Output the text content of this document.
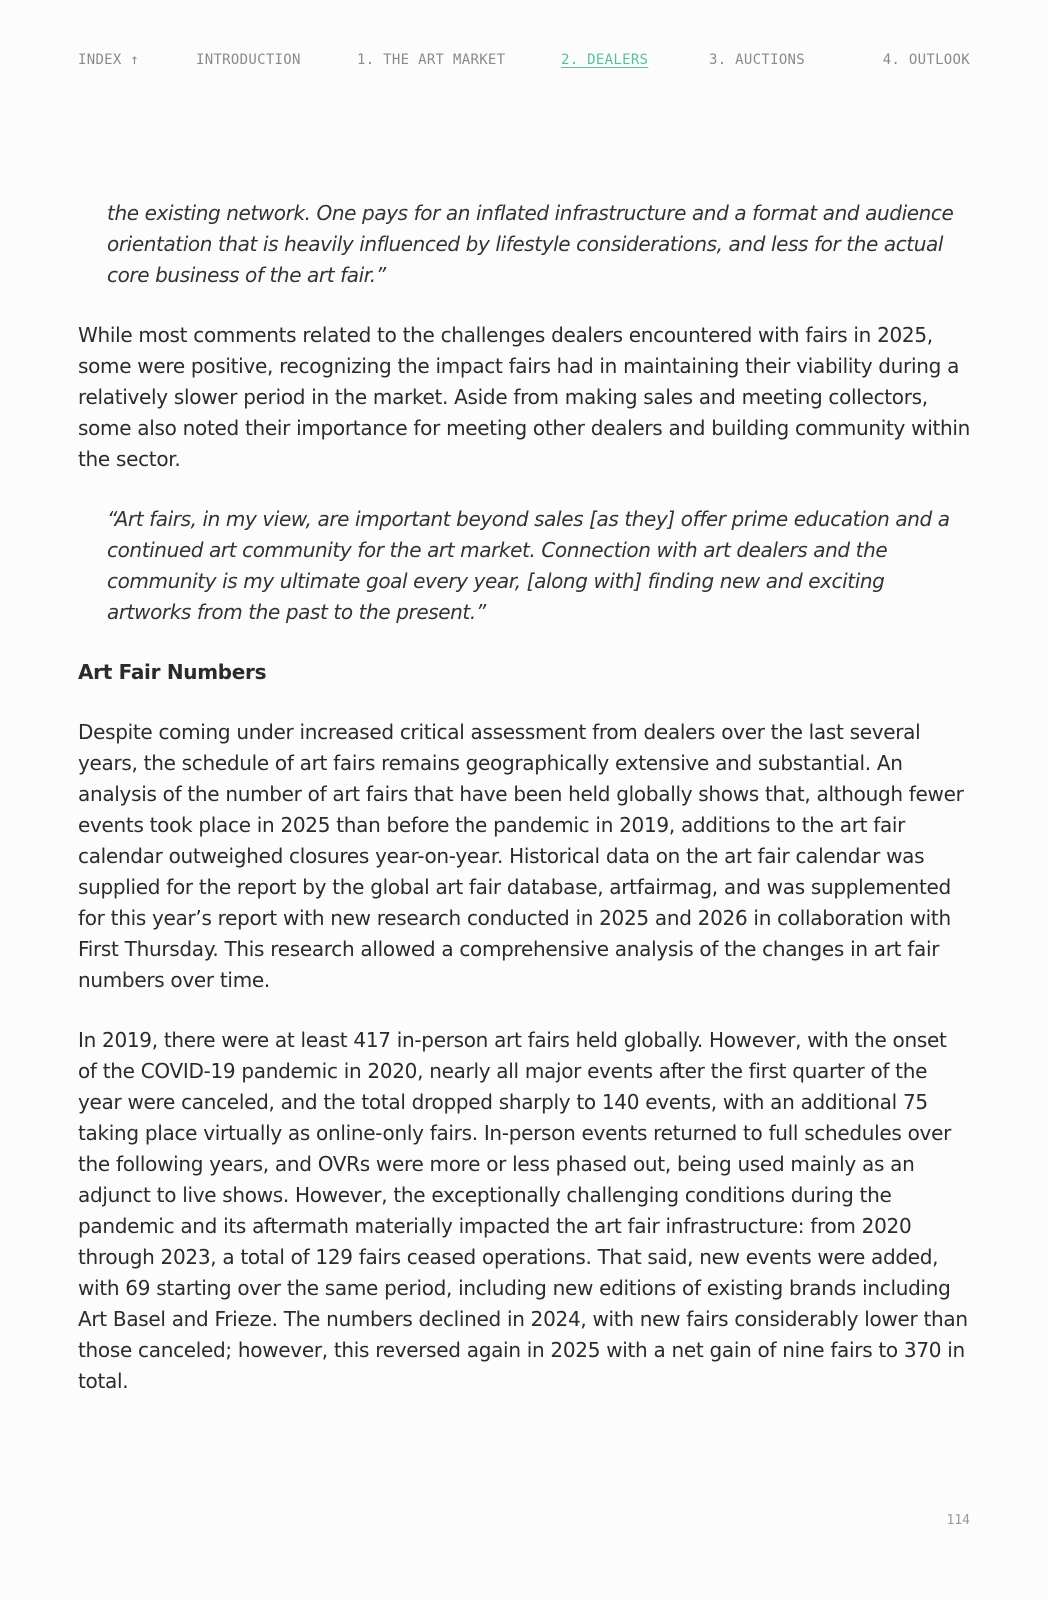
INDEX ↑	INTRODUCTION	1. THE ART MARKET	2. DEALERS	3. AUCTIONS	4. OUTLOOK

the existing network. One pays for an inflated infrastructure and a format and audience orientation that is heavily influenced by lifestyle considerations, and less for the actual core business of the art fair.”

While most comments related to the challenges dealers encountered with fairs in 2025, some were positive, recognizing the impact fairs had in maintaining their viability during a relatively slower period in the market. Aside from making sales and meeting collectors, some also noted their importance for meeting other dealers and building community within the sector.

“Art fairs, in my view, are important beyond sales [as they] offer prime education and a continued art community for the art market. Connection with art dealers and the community is my ultimate goal every year, [along with] finding new and exciting artworks from the past to the present.”

Art Fair Numbers

Despite coming under increased critical assessment from dealers over the last several years, the schedule of art fairs remains geographically extensive and substantial. An analysis of the number of art fairs that have been held globally shows that, although fewer events took place in 2025 than before the pandemic in 2019, additions to the art fair calendar outweighed closures year-on-year. Historical data on the art fair calendar was supplied for the report by the global art fair database, artfairmag, and was supplemented for this year’s report with new research conducted in 2025 and 2026 in collaboration with First Thursday. This research allowed a comprehensive analysis of the changes in art fair numbers over time.

In 2019, there were at least 417 in-person art fairs held globally. However, with the onset of the COVID-19 pandemic in 2020, nearly all major events after the first quarter of the year were canceled, and the total dropped sharply to 140 events, with an additional 75 taking place virtually as online-only fairs. In-person events returned to full schedules over the following years, and OVRs were more or less phased out, being used mainly as an adjunct to live shows. However, the exceptionally challenging conditions during the pandemic and its aftermath materially impacted the art fair infrastructure: from 2020 through 2023, a total of 129 fairs ceased operations. That said, new events were added, with 69 starting over the same period, including new editions of existing brands including Art Basel and Frieze. The numbers declined in 2024, with new fairs considerably lower than those canceled; however, this reversed again in 2025 with a net gain of nine fairs to 370 in total.

114
